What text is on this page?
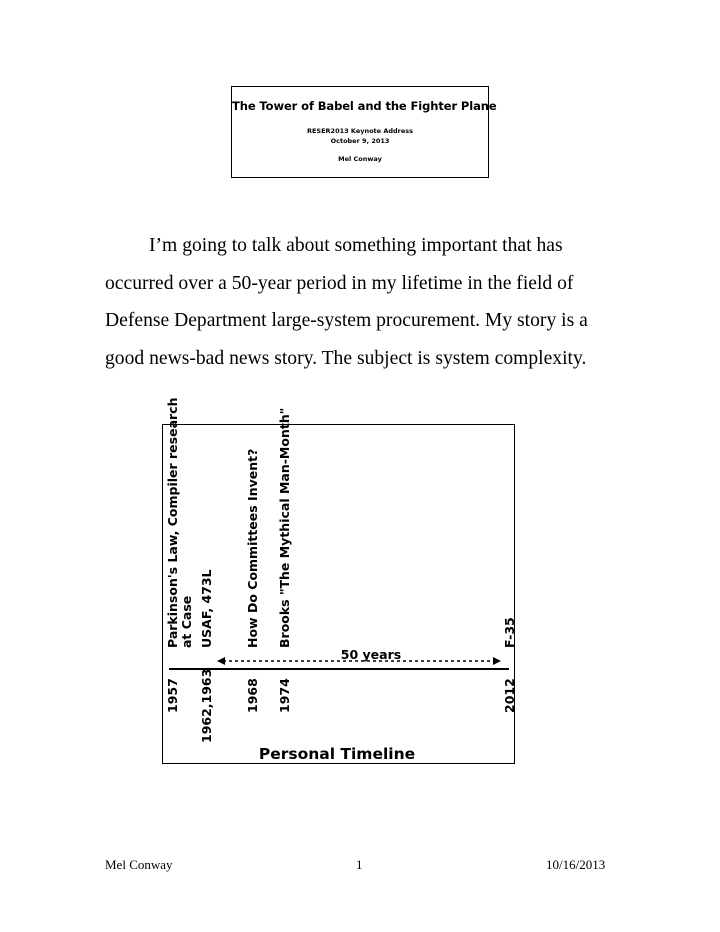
The Tower of Babel and the Fighter Plane
RESER2013 Keynote Address
October 9, 2013
Mel Conway

I’m going to talk about something important that has occurred over a 50-year period in my lifetime in the field of Defense Department large-system procurement. My story is a good news-bad news story. The subject is system complexity.

50 years
Parkinson's Law, Compiler research at Case USAF, 473L How Do Committees Invent? Brooks "The Mythical Man-Month"	F-35
1957 1962,1963 1968 1974	2012
Personal Timeline
Mel Conway	1	10/16/2013
